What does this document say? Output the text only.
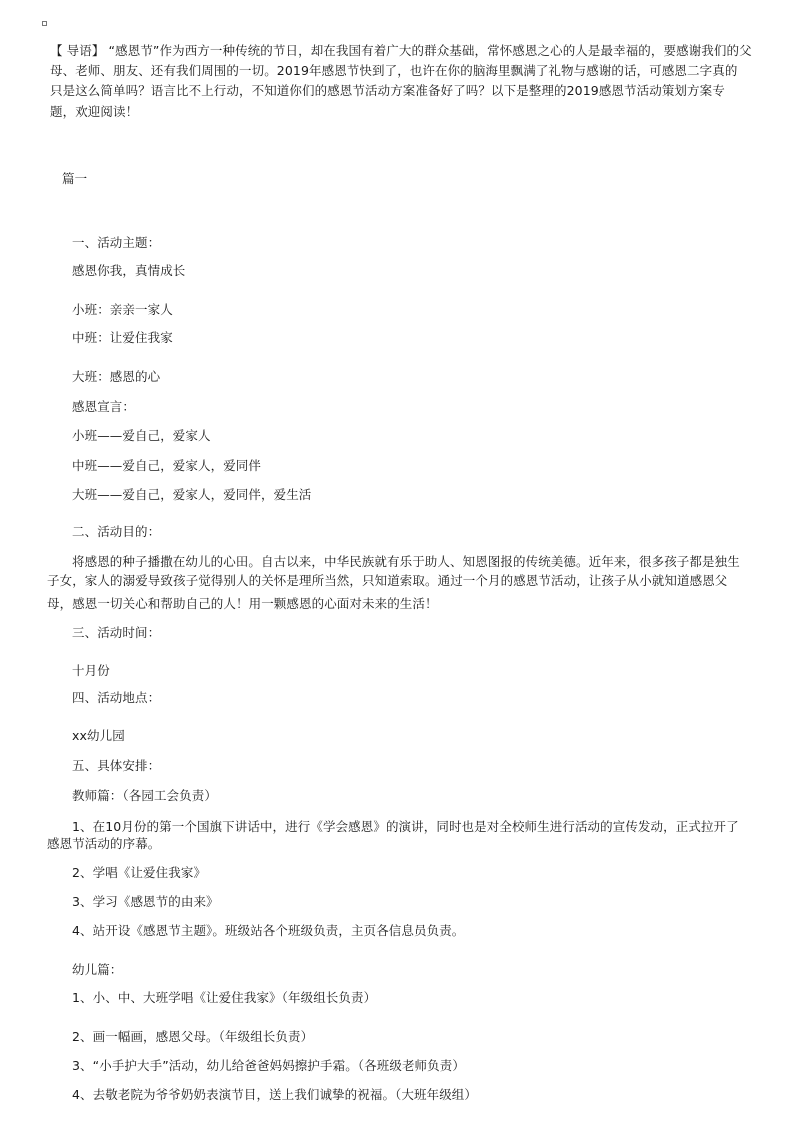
【 导语】 “感恩节”作为西方一种传统的节日，却在我国有着广大的群众基础，常怀感恩之心的人是最幸福的，要感谢我们的父
母、老师、朋友、还有我们周围的一切。2019年感恩节快到了，也许在你的脑海里飘满了礼物与感谢的话，可感恩二字真的
只是这么简单吗？语言比不上行动，不知道你们的感恩节活动方案准备好了吗？以下是整理的2019感恩节活动策划方案专
题，欢迎阅读！
篇一
一、活动主题：
感恩你我，真情成长
小班：亲亲一家人
中班：让爱住我家
大班：感恩的心
感恩宣言：
小班——爱自己，爱家人
中班——爱自己，爱家人，爱同伴
大班——爱自己，爱家人，爱同伴，爱生活
二、活动目的：
将感恩的种子播撒在幼儿的心田。自古以来，中华民族就有乐于助人、知恩图报的传统美德。近年来，很多孩子都是独生
子女，家人的溺爱导致孩子觉得别人的关怀是理所当然，只知道索取。通过一个月的感恩节活动，让孩子从小就知道感恩父
母，感恩一切关心和帮助自己的人！用一颗感恩的心面对未来的生活！
三、活动时间：
十月份
四、活动地点：
xx幼儿园
五、具体安排：
教师篇：（各园工会负责）
1、在10月份的第一个国旗下讲话中，进行《学会感恩》的演讲，同时也是对全校师生进行活动的宣传发动，正式拉开了
感恩节活动的序幕。
2、学唱《让爱住我家》
3、学习《感恩节的由来》
4、站开设《感恩节主题》。班级站各个班级负责，主页各信息员负责。
幼儿篇：
1、小、中、大班学唱《让爱住我家》（年级组长负责）
2、画一幅画，感恩父母。（年级组长负责）
3、“小手护大手”活动，幼儿给爸爸妈妈擦护手霜。（各班级老师负责）
4、去敬老院为爷爷奶奶表演节目，送上我们诚挚的祝福。（大班年级组）
